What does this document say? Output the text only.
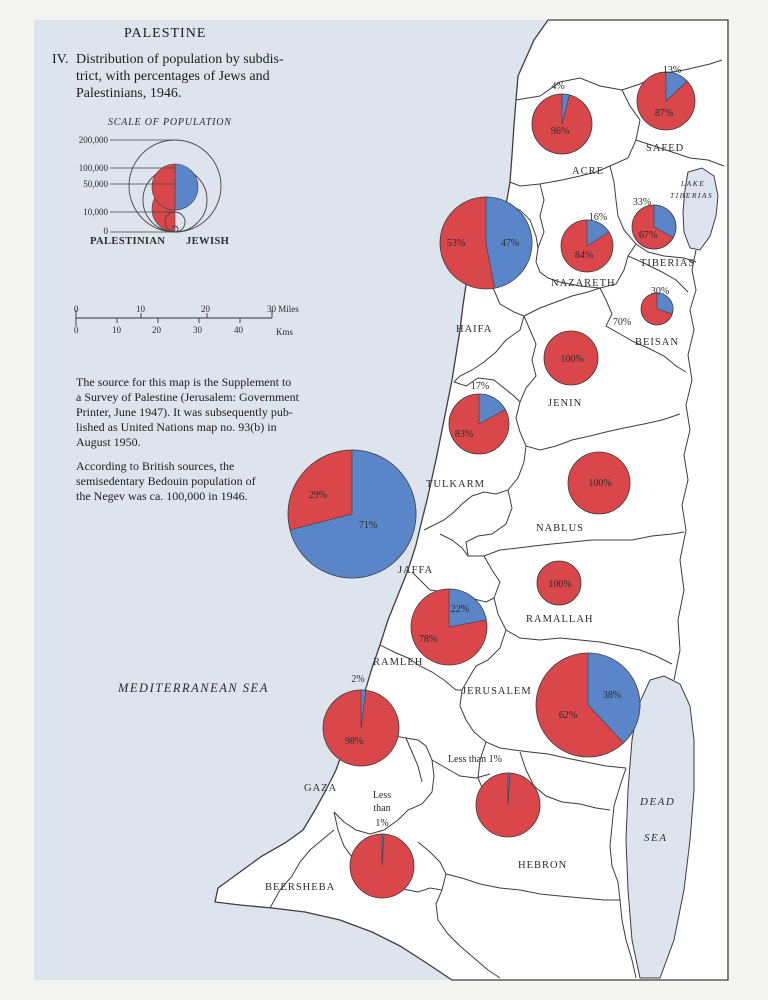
PALESTINE
IV. Distribution of population by subdis-
trict, with percentages of Jews and
Palestinians, 1946.
SCALE OF POPULATION
200,000
100,000
50,000
10,000
0
PALESTINIAN JEWISH
0	10	20	30 Miles
0	10	20	30	40	Kms
The source for this map is the Supplement to
a Survey of Palestine (Jerusalem: Government
Printer, June 1947). It was subsequently pub-
lished as United Nations map no. 93(b) in
August 1950.
According to British sources, the
semisedentary Bedouin population of
the Negev was ca. 100,000 in 1946.
MEDITERRANEAN SEA
DEAD
SEA
LAKE
TIBERIAS
96%
4%
87%
13%
67%
33%
84%
16%
53%	47%
70%
30%
100%
83%
17%
100%
29%
71%
100%
78%
22%
62%
38%
98%
2%
Less than 1%
Less
than
1%
ACRE
SAFED
TIBERIAS
NAZARETH
HAIFA
BEISAN
JENIN
TULKARM
NABLUS
JAFFA
RAMALLAH
RAMLEH
JERUSALEM
GAZA
HEBRON
BEERSHEBA
